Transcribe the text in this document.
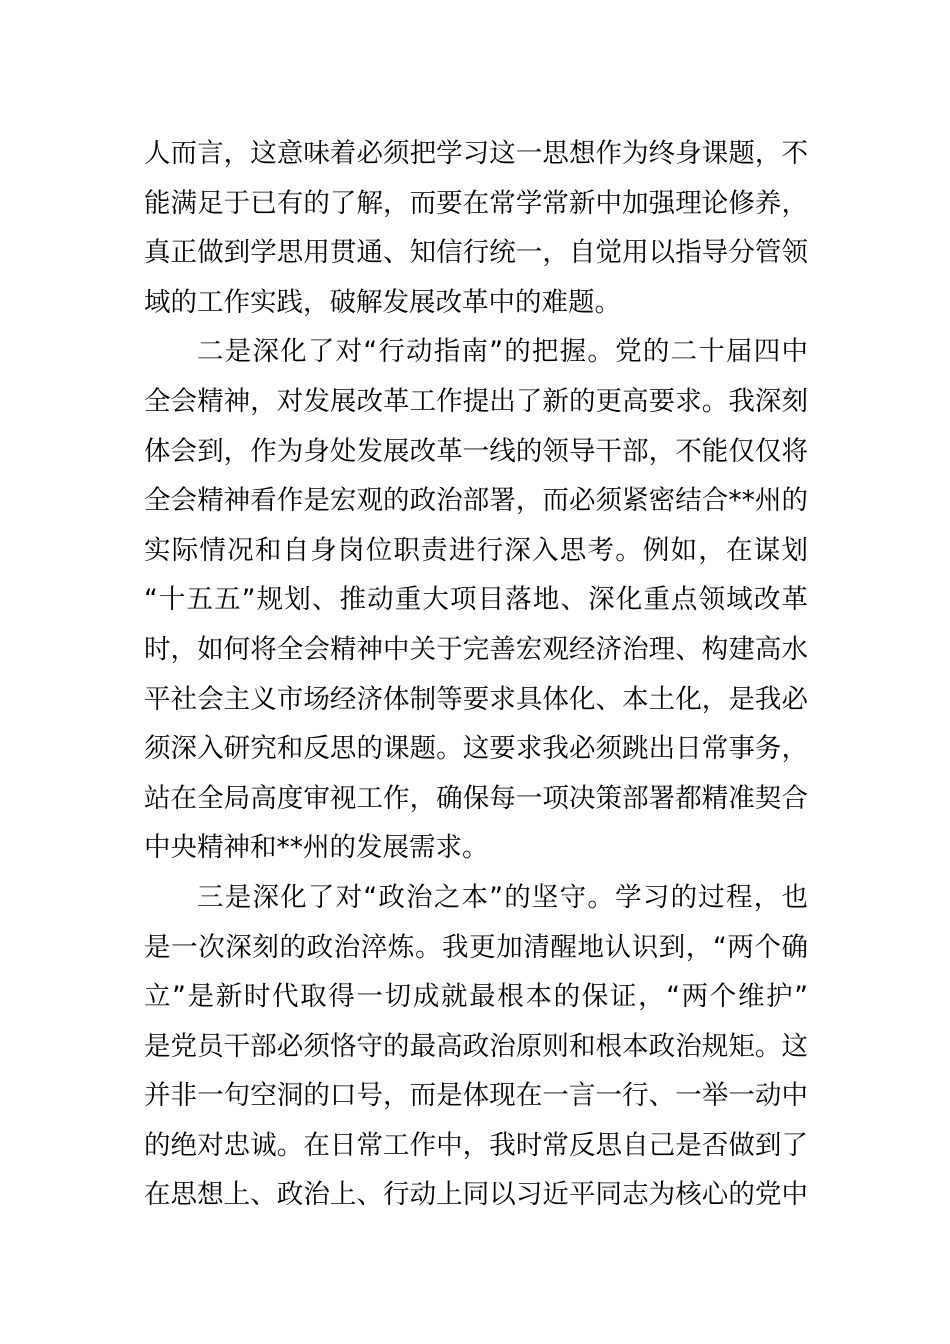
人而言，这意味着必须把学习这一思想作为终身课题，不
能满足于已有的了解，而要在常学常新中加强理论修养，
真正做到学思用贯通、知信行统一，自觉用以指导分管领
域的工作实践，破解发展改革中的难题。
二是深化了对“行动指南”的把握。党的二十届四中
全会精神，对发展改革工作提出了新的更高要求。我深刻
体会到，作为身处发展改革一线的领导干部，不能仅仅将
全会精神看作是宏观的政治部署，而必须紧密结合**州的
实际情况和自身岗位职责进行深入思考。例如，在谋划
“十五五”规划、推动重大项目落地、深化重点领域改革
时，如何将全会精神中关于完善宏观经济治理、构建高水
平社会主义市场经济体制等要求具体化、本土化，是我必
须深入研究和反思的课题。这要求我必须跳出日常事务，
站在全局高度审视工作，确保每一项决策部署都精准契合
中央精神和**州的发展需求。
三是深化了对“政治之本”的坚守。学习的过程，也
是一次深刻的政治淬炼。我更加清醒地认识到，“两个确
立”是新时代取得一切成就最根本的保证，“两个维护”
是党员干部必须恪守的最高政治原则和根本政治规矩。这
并非一句空洞的口号，而是体现在一言一行、一举一动中
的绝对忠诚。在日常工作中，我时常反思自己是否做到了
在思想上、政治上、行动上同以习近平同志为核心的党中
